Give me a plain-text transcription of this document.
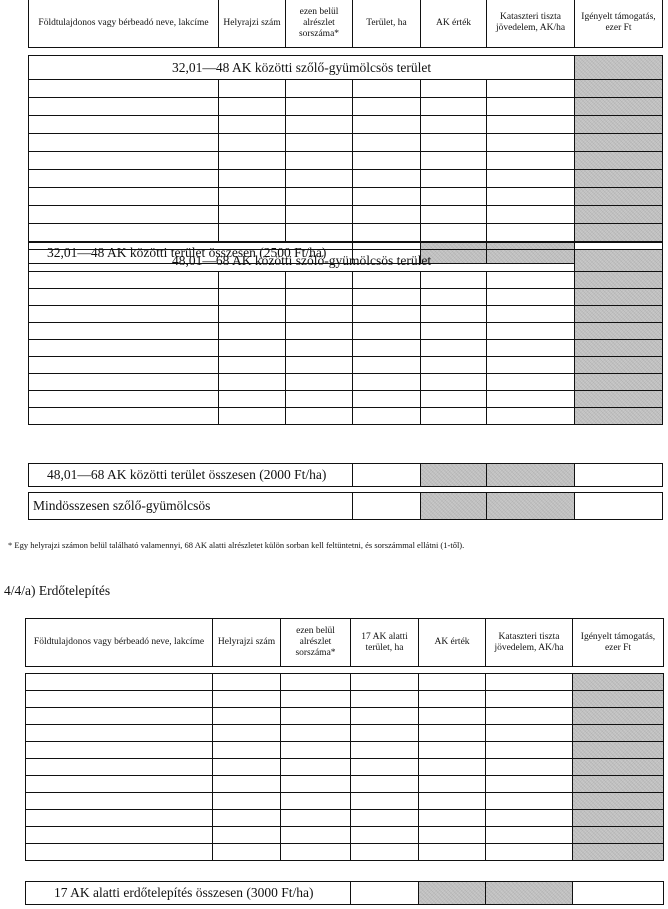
Földtulajdonos vagy bérbeadó neve, lakcíme	Helyrajzi szám	ezen belül alrészlet sorszáma*	Terület, ha	AK érték	Kataszteri tiszta jövedelem, AK/ha	Igényelt támogatás, ezer Ft
32,01—48 AK közötti szőlő-gyümölcsös terület						

32,01—48 AK közötti terület összesen (2500 Ft/ha)				
48,01—68 AK közötti szőlő-gyümölcsös terület						

48,01—68 AK közötti terület összesen (2000 Ft/ha)				
Mindösszesen szőlő-gyümölcsös				
* Egy helyrajzi számon belül található valamennyi, 68 AK alatti alrészletet külön sorban kell feltüntetni, és sorszámmal ellátni (1-től).
4/4/a) Erdőtelepítés
Földtulajdonos vagy bérbeadó neve, lakcíme	Helyrajzi szám	ezen belül alrészlet sorszáma*	17 AK alatti terület, ha	AK érték	Kataszteri tiszta jövedelem, AK/ha	Igényelt támogatás, ezer Ft

17 AK alatti erdőtelepítés összesen (3000 Ft/ha)				
